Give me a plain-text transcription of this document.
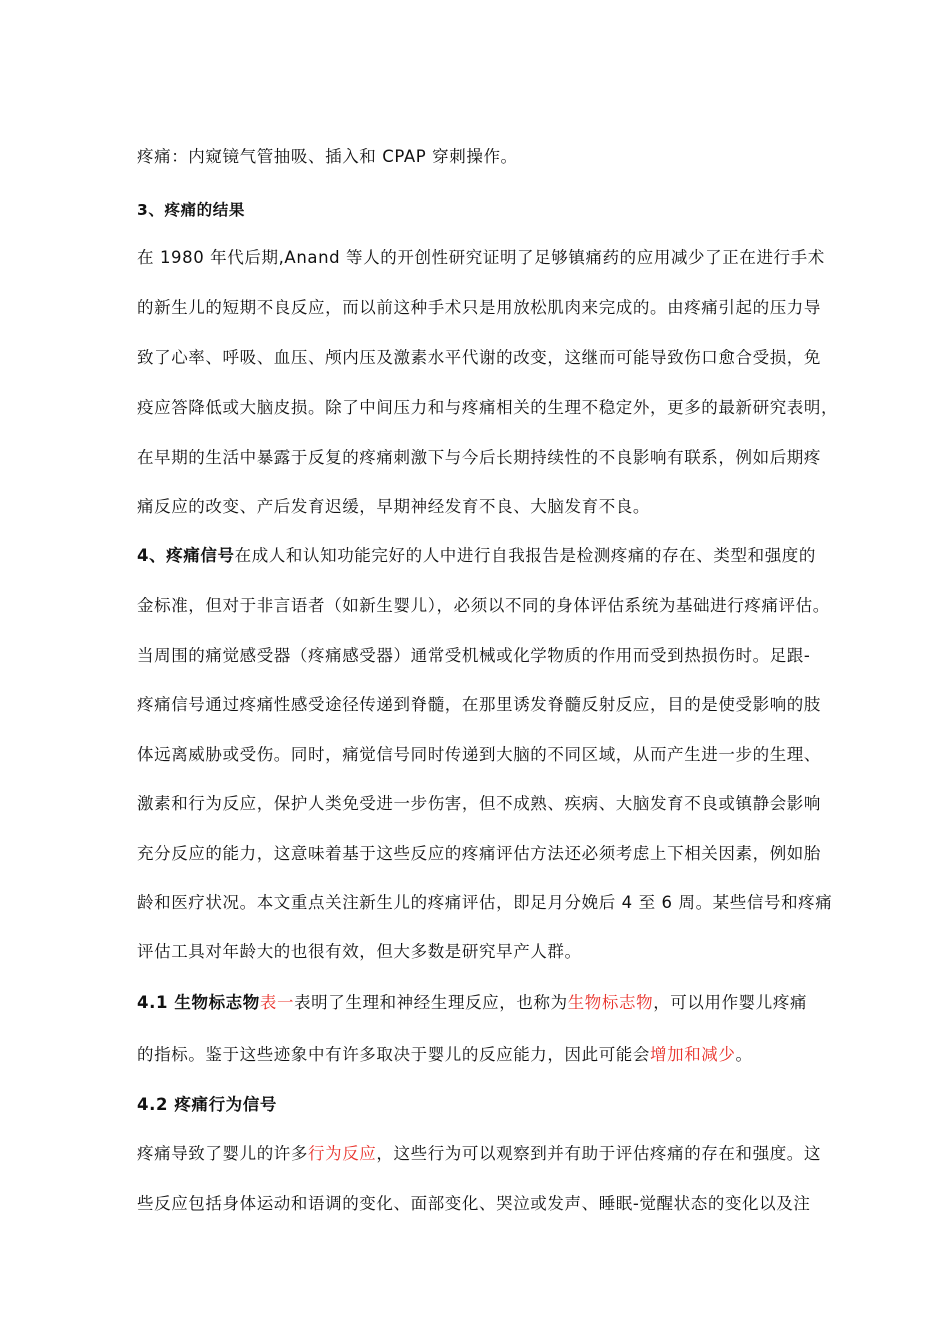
疼痛：内窥镜气管抽吸、插入和 CPAP 穿刺操作。
3、疼痛的结果
在 1980 年代后期,Anand 等人的开创性研究证明了足够镇痛药的应用减少了正在进行手术
的新生儿的短期不良反应，而以前这种手术只是用放松肌肉来完成的。由疼痛引起的压力导
致了心率、呼吸、血压、颅内压及激素水平代谢的改变，这继而可能导致伤口愈合受损，免
疫应答降低或大脑皮损。除了中间压力和与疼痛相关的生理不稳定外，更多的最新研究表明，
在早期的生活中暴露于反复的疼痛刺激下与今后长期持续性的不良影响有联系，例如后期疼
痛反应的改变、产后发育迟缓，早期神经发育不良、大脑发育不良。
4、疼痛信号在成人和认知功能完好的人中进行自我报告是检测疼痛的存在、类型和强度的
金标准，但对于非言语者（如新生婴儿），必须以不同的身体评估系统为基础进行疼痛评估。
当周围的痛觉感受器（疼痛感受器）通常受机械或化学物质的作用而受到热损伤时。足跟-
疼痛信号通过疼痛性感受途径传递到脊髓，在那里诱发脊髓反射反应，目的是使受影响的肢
体远离威胁或受伤。同时，痛觉信号同时传递到大脑的不同区域，从而产生进一步的生理、
激素和行为反应，保护人类免受进一步伤害，但不成熟、疾病、大脑发育不良或镇静会影响
充分反应的能力，这意味着基于这些反应的疼痛评估方法还必须考虑上下相关因素，例如胎
龄和医疗状况。本文重点关注新生儿的疼痛评估，即足月分娩后 4 至 6 周。某些信号和疼痛
评估工具对年龄大的也很有效，但大多数是研究早产人群。
4.1 生物标志物表一表明了生理和神经生理反应，也称为生物标志物，可以用作婴儿疼痛
的指标。鉴于这些迹象中有许多取决于婴儿的反应能力，因此可能会增加和减少。
4.2 疼痛行为信号
疼痛导致了婴儿的许多行为反应，这些行为可以观察到并有助于评估疼痛的存在和强度。这
些反应包括身体运动和语调的变化、面部变化、哭泣或发声、睡眠-觉醒状态的变化以及注
